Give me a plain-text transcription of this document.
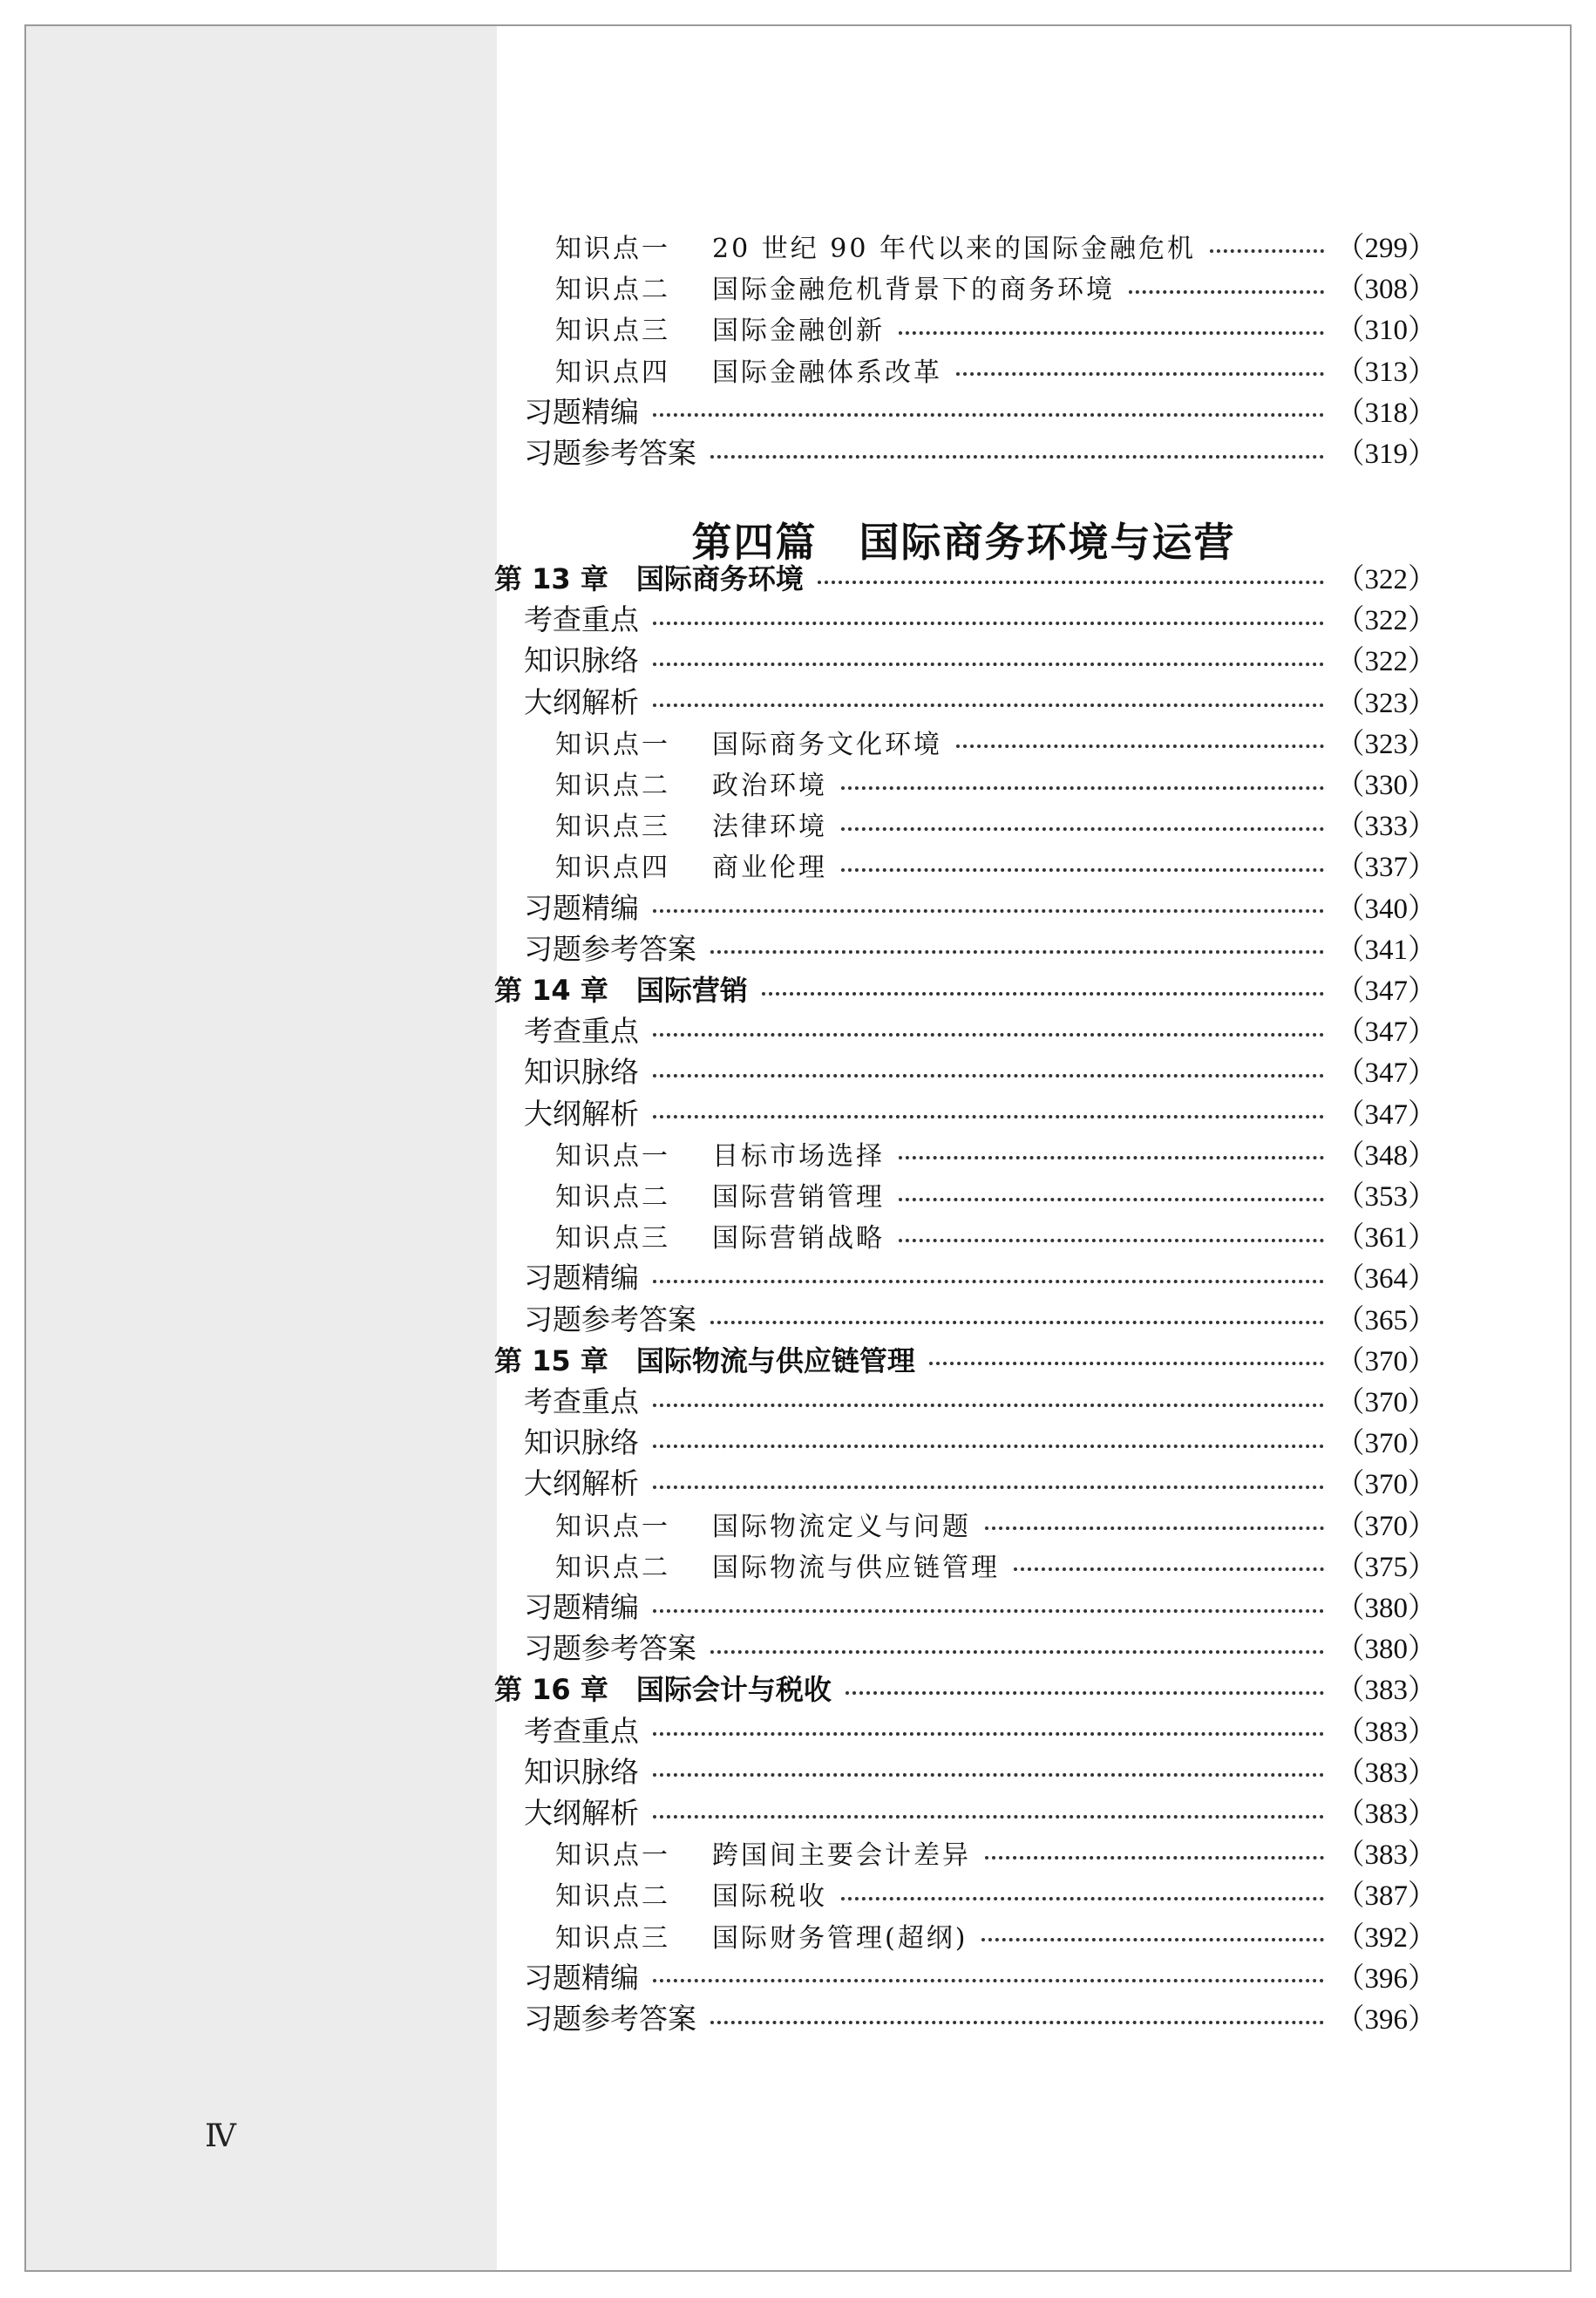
第四篇　国际商务环境与运营
知识点一 20 世纪 90 年代以来的国际金融危机	（299）
知识点二 国际金融危机背景下的商务环境	（308）
知识点三 国际金融创新	（310）
知识点四 国际金融体系改革	（313）
习题精编	（318）
习题参考答案	（319）
第 13 章　国际商务环境	（322）
考查重点	（322）
知识脉络	（322）
大纲解析	（323）
知识点一 国际商务文化环境	（323）
知识点二 政治环境	（330）
知识点三 法律环境	（333）
知识点四 商业伦理	（337）
习题精编	（340）
习题参考答案	（341）
第 14 章　国际营销	（347）
考查重点	（347）
知识脉络	（347）
大纲解析	（347）
知识点一 目标市场选择	（348）
知识点二 国际营销管理	（353）
知识点三 国际营销战略	（361）
习题精编	（364）
习题参考答案	（365）
第 15 章　国际物流与供应链管理	（370）
考查重点	（370）
知识脉络	（370）
大纲解析	（370）
知识点一 国际物流定义与问题	（370）
知识点二 国际物流与供应链管理	（375）
习题精编	（380）
习题参考答案	（380）
第 16 章　国际会计与税收	（383）
考查重点	（383）
知识脉络	（383）
大纲解析	（383）
知识点一 跨国间主要会计差异	（383）
知识点二 国际税收	（387）
知识点三 国际财务管理(超纲)	（392）
习题精编	（396）
习题参考答案	（396）
Ⅳ
